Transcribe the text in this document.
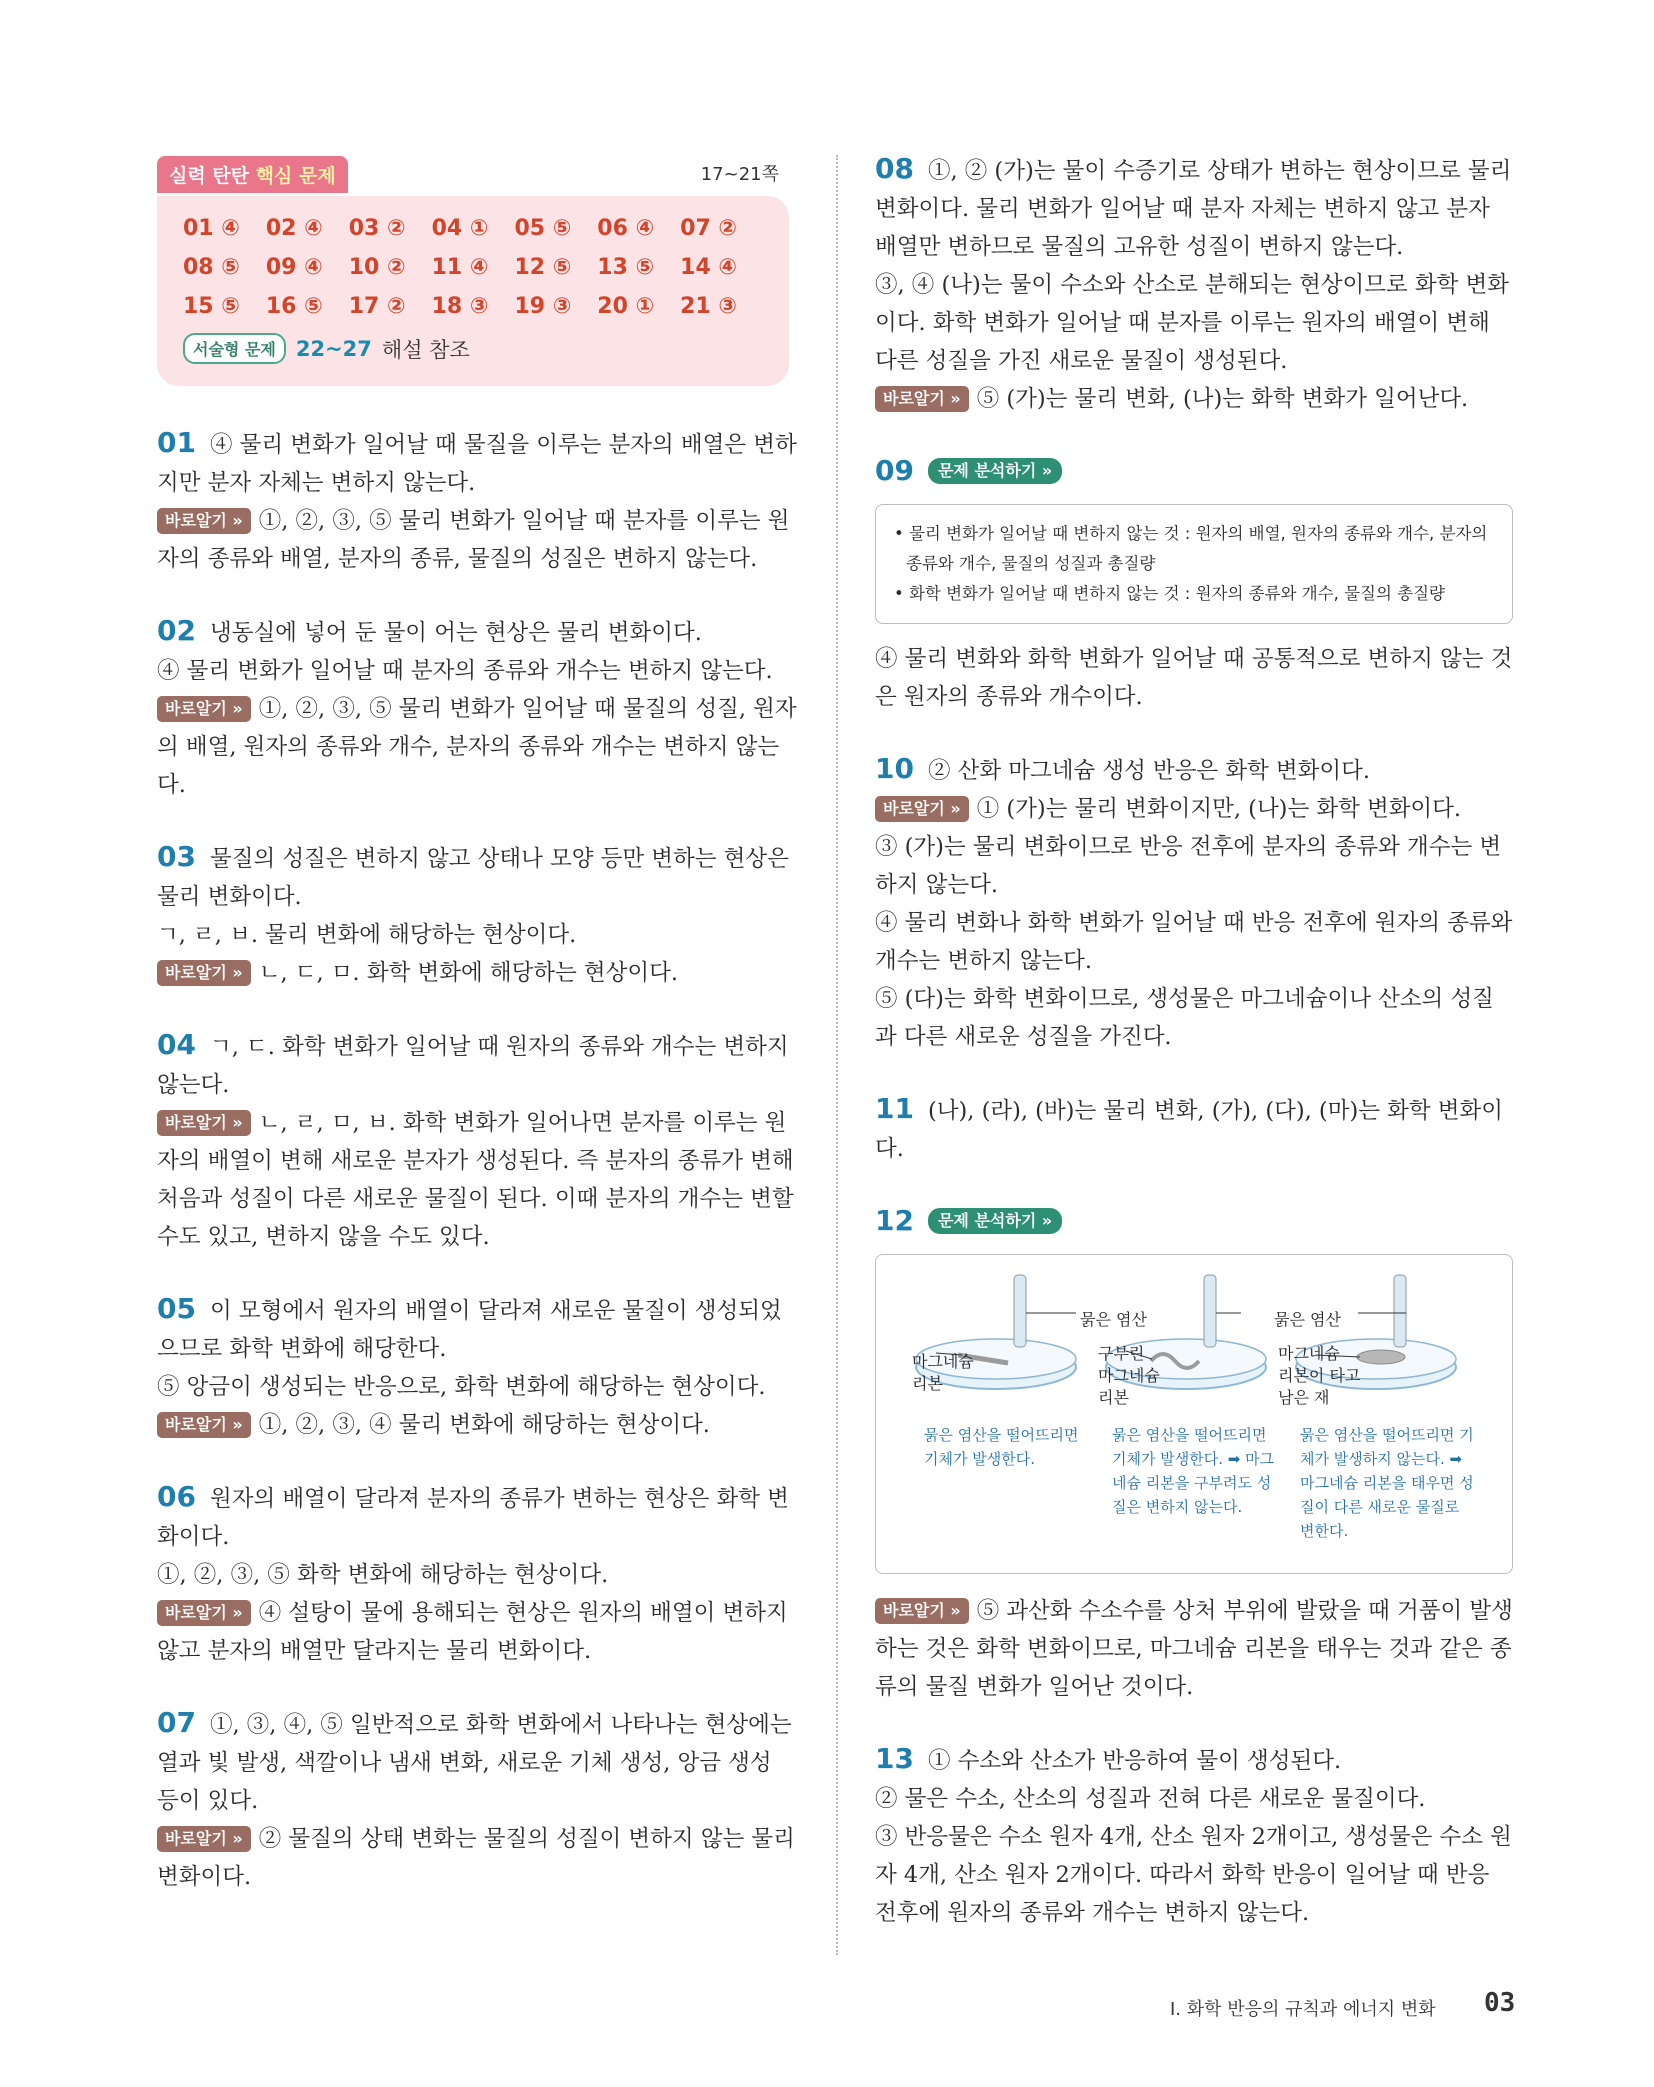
실력 탄탄 핵심 문제	17~21쪽
01 ④	02 ④	03 ②	04 ①	05 ⑤	06 ④	07 ②
08 ⑤	09 ④	10 ②	11 ④	12 ⑤	13 ⑤	14 ④
15 ⑤	16 ⑤	17 ②	18 ③	19 ③	20 ①	21 ③
서술형 문제 22~27 해설 참조
01 ④ 물리 변화가 일어날 때 물질을 이루는 분자의 배열은 변하지만 분자 자체는 변하지 않는다.
바로알기 » ①, ②, ③, ⑤ 물리 변화가 일어날 때 분자를 이루는 원자의 종류와 배열, 분자의 종류, 물질의 성질은 변하지 않는다.
02 냉동실에 넣어 둔 물이 어는 현상은 물리 변화이다.
④ 물리 변화가 일어날 때 분자의 종류와 개수는 변하지 않는다.
바로알기 » ①, ②, ③, ⑤ 물리 변화가 일어날 때 물질의 성질, 원자의 배열, 원자의 종류와 개수, 분자의 종류와 개수는 변하지 않는다.
03 물질의 성질은 변하지 않고 상태나 모양 등만 변하는 현상은 물리 변화이다.
ㄱ, ㄹ, ㅂ. 물리 변화에 해당하는 현상이다.
바로알기 » ㄴ, ㄷ, ㅁ. 화학 변화에 해당하는 현상이다.
04 ㄱ, ㄷ. 화학 변화가 일어날 때 원자의 종류와 개수는 변하지 않는다.
바로알기 » ㄴ, ㄹ, ㅁ, ㅂ. 화학 변화가 일어나면 분자를 이루는 원자의 배열이 변해 새로운 분자가 생성된다. 즉 분자의 종류가 변해 처음과 성질이 다른 새로운 물질이 된다. 이때 분자의 개수는 변할 수도 있고, 변하지 않을 수도 있다.
05 이 모형에서 원자의 배열이 달라져 새로운 물질이 생성되었으므로 화학 변화에 해당한다.
⑤ 앙금이 생성되는 반응으로, 화학 변화에 해당하는 현상이다.
바로알기 » ①, ②, ③, ④ 물리 변화에 해당하는 현상이다.
06 원자의 배열이 달라져 분자의 종류가 변하는 현상은 화학 변화이다.
①, ②, ③, ⑤ 화학 변화에 해당하는 현상이다.
바로알기 » ④ 설탕이 물에 용해되는 현상은 원자의 배열이 변하지 않고 분자의 배열만 달라지는 물리 변화이다.
07 ①, ③, ④, ⑤ 일반적으로 화학 변화에서 나타나는 현상에는 열과 빛 발생, 색깔이나 냄새 변화, 새로운 기체 생성, 앙금 생성 등이 있다.
바로알기 » ② 물질의 상태 변화는 물질의 성질이 변하지 않는 물리 변화이다.
08 ①, ② (가)는 물이 수증기로 상태가 변하는 현상이므로 물리 변화이다. 물리 변화가 일어날 때 분자 자체는 변하지 않고 분자 배열만 변하므로 물질의 고유한 성질이 변하지 않는다.
③, ④ (나)는 물이 수소와 산소로 분해되는 현상이므로 화학 변화이다. 화학 변화가 일어날 때 분자를 이루는 원자의 배열이 변해 다른 성질을 가진 새로운 물질이 생성된다.
바로알기 » ⑤ (가)는 물리 변화, (나)는 화학 변화가 일어난다.
09 문제 분석하기 »
• 물리 변화가 일어날 때 변하지 않는 것 : 원자의 배열, 원자의 종류와 개수, 분자의 종류와 개수, 물질의 성질과 총질량
• 화학 변화가 일어날 때 변하지 않는 것 : 원자의 종류와 개수, 물질의 총질량
④ 물리 변화와 화학 변화가 일어날 때 공통적으로 변하지 않는 것은 원자의 종류와 개수이다.
10 ② 산화 마그네슘 생성 반응은 화학 변화이다.
바로알기 » ① (가)는 물리 변화이지만, (나)는 화학 변화이다.
③ (가)는 물리 변화이므로 반응 전후에 분자의 종류와 개수는 변하지 않는다.
④ 물리 변화나 화학 변화가 일어날 때 반응 전후에 원자의 종류와 개수는 변하지 않는다.
⑤ (다)는 화학 변화이므로, 생성물은 마그네슘이나 산소의 성질과 다른 새로운 성질을 가진다.
11 (나), (라), (바)는 물리 변화, (가), (다), (마)는 화학 변화이다.
12 문제 분석하기 »
묽은 염산	묽은 염산
마그네슘 리본
구부린
마그네슘
리본
마그네슘
리본이 타고
남은 재
묽은 염산을 떨어뜨리면 기체가 발생한다.
묽은 염산을 떨어뜨리면 기체가 발생한다. ➡ 마그네슘 리본을 구부려도 성질은 변하지 않는다.
묽은 염산을 떨어뜨리면 기체가 발생하지 않는다. ➡ 마그네슘 리본을 태우면 성질이 다른 새로운 물질로 변한다.
바로알기 » ⑤ 과산화 수소수를 상처 부위에 발랐을 때 거품이 발생하는 것은 화학 변화이므로, 마그네슘 리본을 태우는 것과 같은 종류의 물질 변화가 일어난 것이다.
13 ① 수소와 산소가 반응하여 물이 생성된다.
② 물은 수소, 산소의 성질과 전혀 다른 새로운 물질이다.
③ 반응물은 수소 원자 4개, 산소 원자 2개이고, 생성물은 수소 원자 4개, 산소 원자 2개이다. 따라서 화학 반응이 일어날 때 반응 전후에 원자의 종류와 개수는 변하지 않는다.
Ⅰ. 화학 반응의 규칙과 에너지 변화 03
